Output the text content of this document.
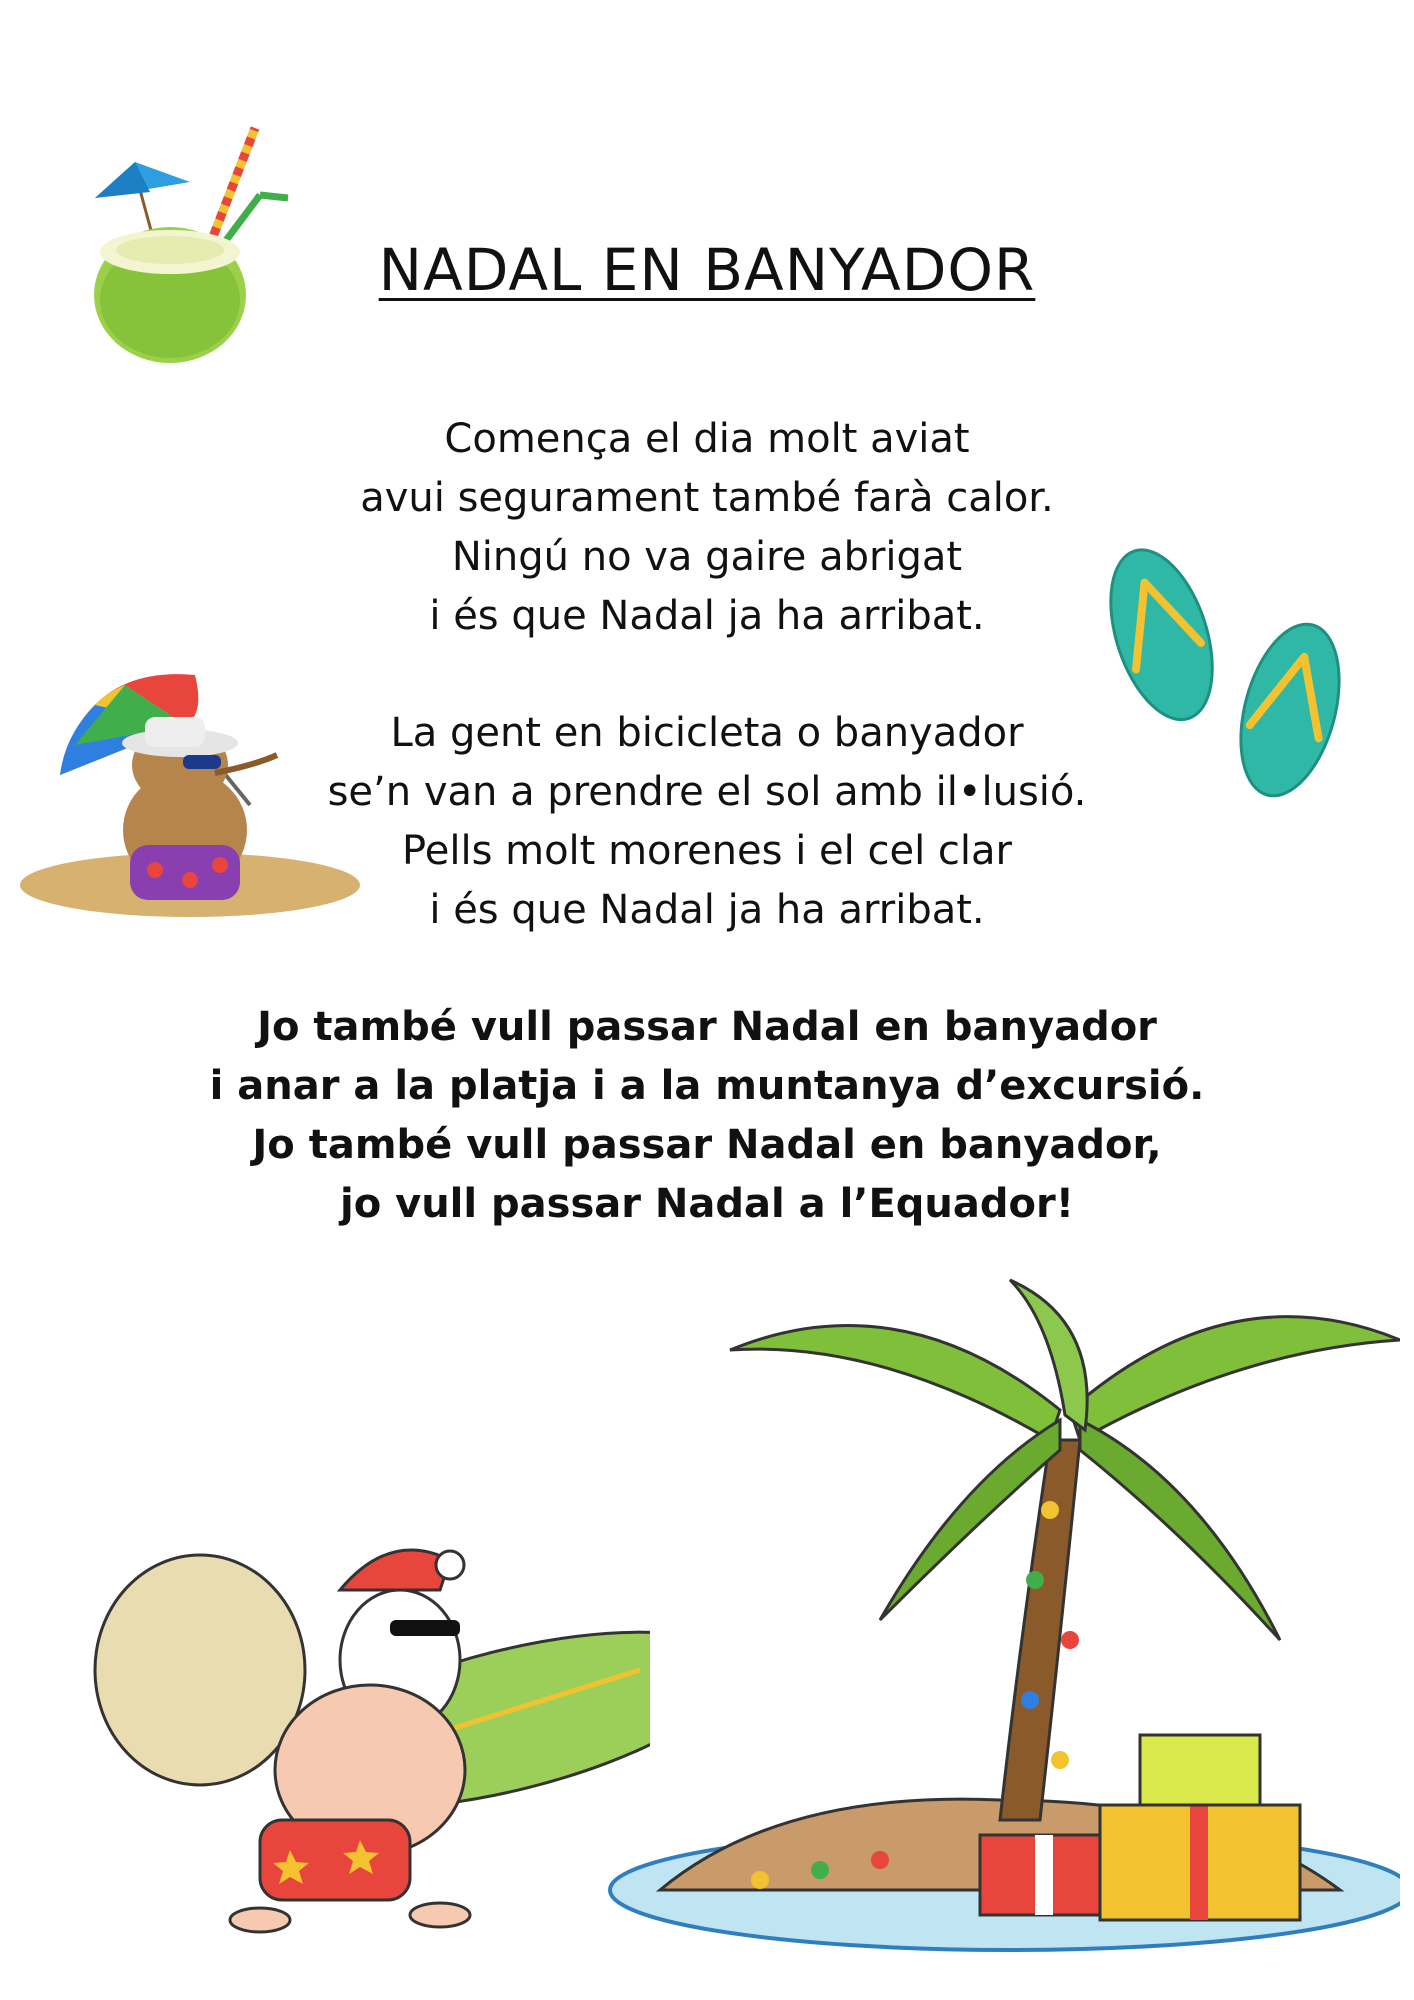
NADAL EN BANYADOR
Comença el dia molt aviat
avui segurament també farà calor.
Ningú no va gaire abrigat
i és que Nadal ja ha arribat.
La gent en bicicleta o banyador
se’n van a prendre el sol amb il•lusió.
Pells molt morenes i el cel clar
i és que Nadal ja ha arribat.
Jo també vull passar Nadal en banyador
i anar a la platja i a la muntanya d’excursió.
Jo també vull passar Nadal en banyador,
jo vull passar Nadal a l’Equador!
